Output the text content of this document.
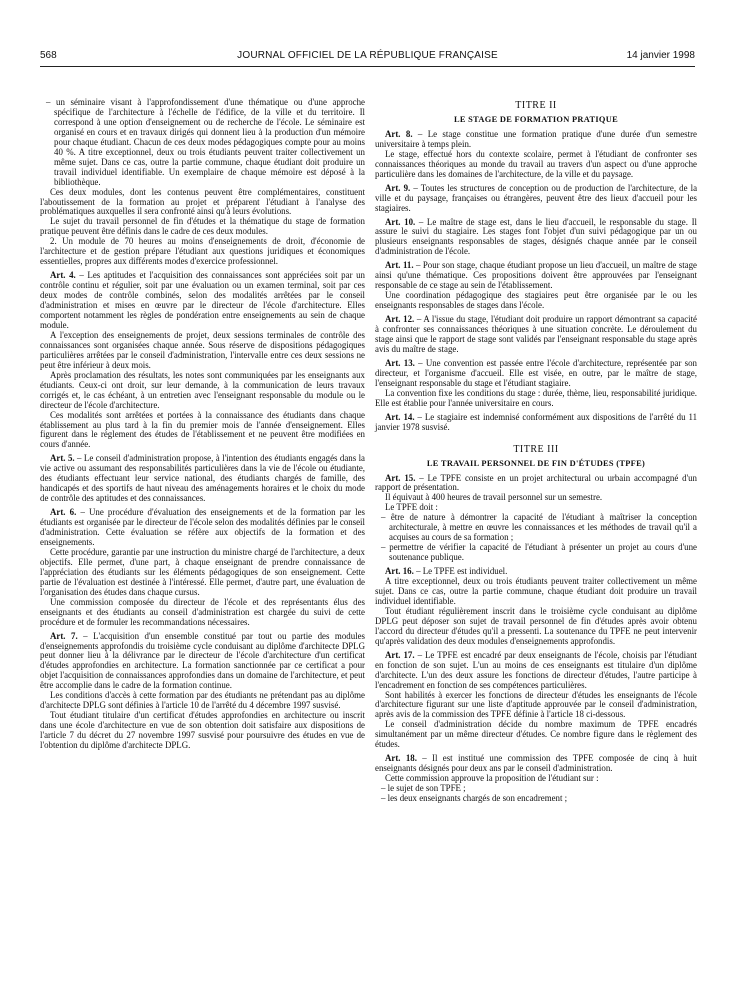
568	JOURNAL OFFICIEL DE LA RÉPUBLIQUE FRANÇAISE	14 janvier 1998

– un séminaire visant à l'approfondissement d'une thématique ou d'une approche spécifique de l'architecture à l'échelle de l'édifice, de la ville et du territoire. Il correspond à une option d'enseignement ou de recherche de l'école. Le séminaire est organisé en cours et en travaux dirigés qui donnent lieu à la production d'un mémoire pour chaque étudiant. Chacun de ces deux modes pédagogiques compte pour au moins 40 %. A titre exceptionnel, deux ou trois étudiants peuvent traiter collectivement un même sujet. Dans ce cas, outre la partie commune, chaque étudiant doit produire un travail individuel identifiable. Un exemplaire de chaque mémoire est déposé à la bibliothèque.

Ces deux modules, dont les contenus peuvent être complémentaires, constituent l'aboutissement de la formation au projet et préparent l'étudiant à l'analyse des problématiques auxquelles il sera confronté ainsi qu'à leurs évolutions.

Le sujet du travail personnel de fin d'études et la thématique du stage de formation pratique peuvent être définis dans le cadre de ces deux modules.

2. Un module de 70 heures au moins d'enseignements de droit, d'économie de l'architecture et de gestion prépare l'étudiant aux questions juridiques et économiques essentielles, propres aux différents modes d'exercice professionnel.

Art. 4. – Les aptitudes et l'acquisition des connaissances sont appréciées soit par un contrôle continu et régulier, soit par une évaluation ou un examen terminal, soit par ces deux modes de contrôle combinés, selon des modalités arrêtées par le conseil d'administration et mises en œuvre par le directeur de l'école d'architecture. Elles comportent notamment les règles de pondération entre enseignements au sein de chaque module.

A l'exception des enseignements de projet, deux sessions terminales de contrôle des connaissances sont organisées chaque année. Sous réserve de dispositions pédagogiques particulières arrêtées par le conseil d'administration, l'intervalle entre ces deux sessions ne peut être inférieur à deux mois.

Après proclamation des résultats, les notes sont communiquées par les enseignants aux étudiants. Ceux-ci ont droit, sur leur demande, à la communication de leurs travaux corrigés et, le cas échéant, à un entretien avec l'enseignant responsable du module ou le directeur de l'école d'architecture.

Ces modalités sont arrêtées et portées à la connaissance des étudiants dans chaque établissement au plus tard à la fin du premier mois de l'année d'enseignement. Elles figurent dans le règlement des études de l'établissement et ne peuvent être modifiées en cours d'année.

Art. 5. – Le conseil d'administration propose, à l'intention des étudiants engagés dans la vie active ou assumant des responsabilités particulières dans la vie de l'école ou étudiante, des étudiants effectuant leur service national, des étudiants chargés de famille, des handicapés et des sportifs de haut niveau des aménagements horaires et le choix du mode de contrôle des aptitudes et des connaissances.

Art. 6. – Une procédure d'évaluation des enseignements et de la formation par les étudiants est organisée par le directeur de l'école selon des modalités définies par le conseil d'administration. Cette évaluation se réfère aux objectifs de la formation et des enseignements.

Cette procédure, garantie par une instruction du ministre chargé de l'architecture, a deux objectifs. Elle permet, d'une part, à chaque enseignant de prendre connaissance de l'appréciation des étudiants sur les éléments pédagogiques de son enseignement. Cette partie de l'évaluation est destinée à l'intéressé. Elle permet, d'autre part, une évaluation de l'organisation des études dans chaque cursus.

Une commission composée du directeur de l'école et des représentants élus des enseignants et des étudiants au conseil d'administration est chargée du suivi de cette procédure et de formuler les recommandations nécessaires.

Art. 7. – L'acquisition d'un ensemble constitué par tout ou partie des modules d'enseignements approfondis du troisième cycle conduisant au diplôme d'architecte DPLG peut donner lieu à la délivrance par le directeur de l'école d'architecture d'un certificat d'études approfondies en architecture. La formation sanctionnée par ce certificat a pour objet l'acquisition de connaissances approfondies dans un domaine de l'architecture, et peut être accomplie dans le cadre de la formation continue.

Les conditions d'accès à cette formation par des étudiants ne prétendant pas au diplôme d'architecte DPLG sont définies à l'article 10 de l'arrêté du 4 décembre 1997 susvisé.

Tout étudiant titulaire d'un certificat d'études approfondies en architecture ou inscrit dans une école d'architecture en vue de son obtention doit satisfaire aux dispositions de l'article 7 du décret du 27 novembre 1997 susvisé pour poursuivre des études en vue de l'obtention du diplôme d'architecte DPLG.

TITRE II

LE STAGE DE FORMATION PRATIQUE

Art. 8. – Le stage constitue une formation pratique d'une durée d'un semestre universitaire à temps plein.

Le stage, effectué hors du contexte scolaire, permet à l'étudiant de confronter ses connaissances théoriques au monde du travail au travers d'un aspect ou d'une approche particulière dans les domaines de l'architecture, de la ville et du paysage.

Art. 9. – Toutes les structures de conception ou de production de l'architecture, de la ville et du paysage, françaises ou étrangères, peuvent être des lieux d'accueil pour les stagiaires.

Art. 10. – Le maître de stage est, dans le lieu d'accueil, le responsable du stage. Il assure le suivi du stagiaire. Les stages font l'objet d'un suivi pédagogique par un ou plusieurs enseignants responsables de stages, désignés chaque année par le conseil d'administration de l'école.

Art. 11. – Pour son stage, chaque étudiant propose un lieu d'accueil, un maître de stage ainsi qu'une thématique. Ces propositions doivent être approuvées par l'enseignant responsable de ce stage au sein de l'établissement.

Une coordination pédagogique des stagiaires peut être organisée par le ou les enseignants responsables de stages dans l'école.

Art. 12. – A l'issue du stage, l'étudiant doit produire un rapport démontrant sa capacité à confronter ses connaissances théoriques à une situation concrète. Le déroulement du stage ainsi que le rapport de stage sont validés par l'enseignant responsable du stage après avis du maître de stage.

Art. 13. – Une convention est passée entre l'école d'architecture, représentée par son directeur, et l'organisme d'accueil. Elle est visée, en outre, par le maître de stage, l'enseignant responsable du stage et l'étudiant stagiaire.

La convention fixe les conditions du stage : durée, thème, lieu, responsabilité juridique. Elle est établie pour l'année universitaire en cours.

Art. 14. – Le stagiaire est indemnisé conformément aux dispositions de l'arrêté du 11 janvier 1978 susvisé.

TITRE III

LE TRAVAIL PERSONNEL DE FIN D'ÉTUDES (TPFE)

Art. 15. – Le TPFE consiste en un projet architectural ou urbain accompagné d'un rapport de présentation.

Il équivaut à 400 heures de travail personnel sur un semestre.

Le TPFE doit :

– être de nature à démontrer la capacité de l'étudiant à maîtriser la conception architecturale, à mettre en œuvre les connaissances et les méthodes de travail qu'il a acquises au cours de sa formation ;

– permettre de vérifier la capacité de l'étudiant à présenter un projet au cours d'une soutenance publique.

Art. 16. – Le TPFE est individuel.

A titre exceptionnel, deux ou trois étudiants peuvent traiter collectivement un même sujet. Dans ce cas, outre la partie commune, chaque étudiant doit produire un travail individuel identifiable.

Tout étudiant régulièrement inscrit dans le troisième cycle conduisant au diplôme DPLG peut déposer son sujet de travail personnel de fin d'études après avoir obtenu l'accord du directeur d'études qu'il a pressenti. La soutenance du TPFE ne peut intervenir qu'après validation des deux modules d'enseignements approfondis.

Art. 17. – Le TPFE est encadré par deux enseignants de l'école, choisis par l'étudiant en fonction de son sujet. L'un au moins de ces enseignants est titulaire d'un diplôme d'architecte. L'un des deux assure les fonctions de directeur d'études, l'autre participe à l'encadrement en fonction de ses compétences particulières.

Sont habilités à exercer les fonctions de directeur d'études les enseignants de l'école d'architecture figurant sur une liste d'aptitude approuvée par le conseil d'administration, après avis de la commission des TPFE définie à l'article 18 ci-dessous.

Le conseil d'administration décide du nombre maximum de TPFE encadrés simultanément par un même directeur d'études. Ce nombre figure dans le règlement des études.

Art. 18. – Il est institué une commission des TPFE composée de cinq à huit enseignants désignés pour deux ans par le conseil d'administration.

Cette commission approuve la proposition de l'étudiant sur :

– le sujet de son TPFE ;

– les deux enseignants chargés de son encadrement ;
